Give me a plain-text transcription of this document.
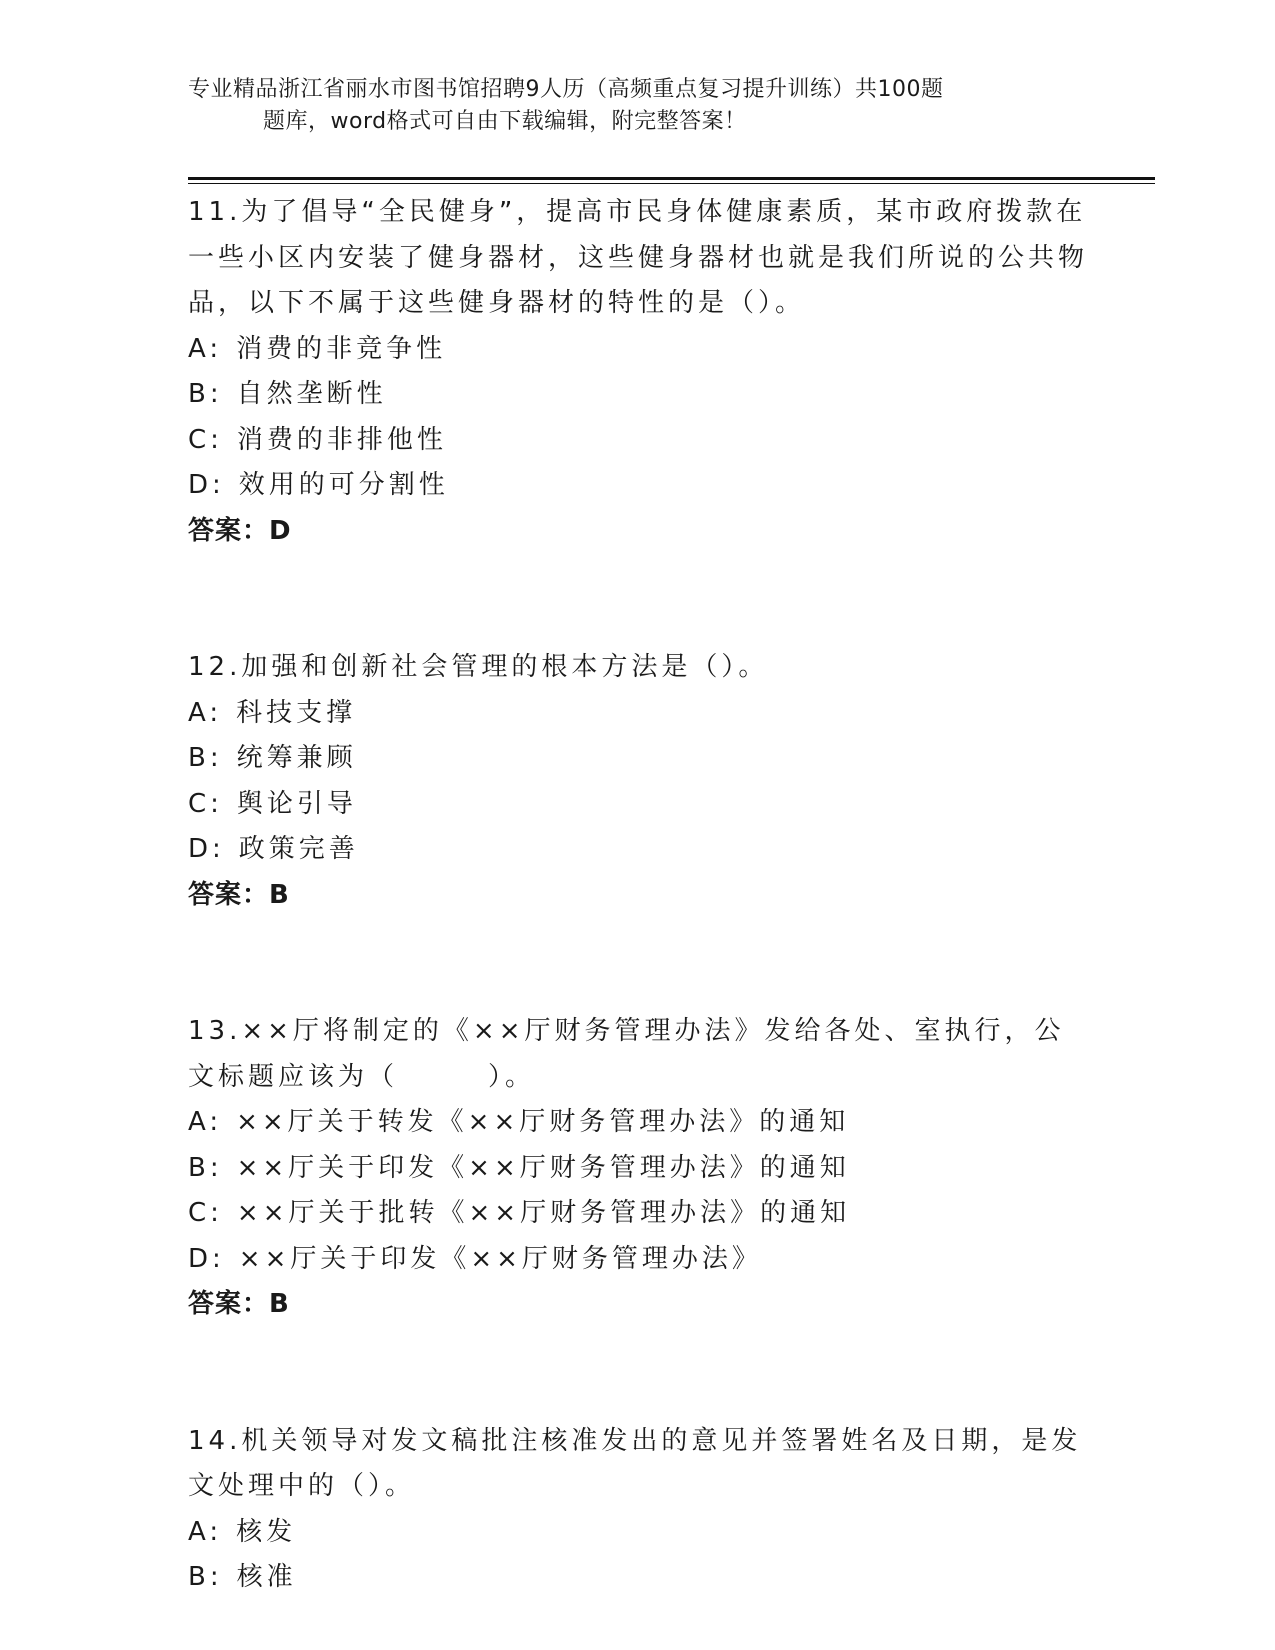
专业精品浙江省丽水市图书馆招聘9人历（高频重点复习提升训练）共100题
题库，word格式可自由下载编辑，附完整答案！

11.为了倡导“全民健身”，提高市民身体健康素质，某市政府拨款在一些小区内安装了健身器材，这些健身器材也就是我们所说的公共物品，以下不属于这些健身器材的特性的是（）。

A: 消费的非竞争性

B: 自然垄断性

C: 消费的非排他性

D: 效用的可分割性

答案：D

12.加强和创新社会管理的根本方法是（）。

A: 科技支撑

B: 统筹兼顾

C: 舆论引导

D: 政策完善

答案：B

13.××厅将制定的《××厅财务管理办法》发给各处、室执行，公文标题应该为（　　　）。

A: ××厅关于转发《××厅财务管理办法》的通知

B: ××厅关于印发《××厅财务管理办法》的通知

C: ××厅关于批转《××厅财务管理办法》的通知

D: ××厅关于印发《××厅财务管理办法》

答案：B

14.机关领导对发文稿批注核准发出的意见并签署姓名及日期，是发文处理中的（）。

A: 核发

B: 核准
